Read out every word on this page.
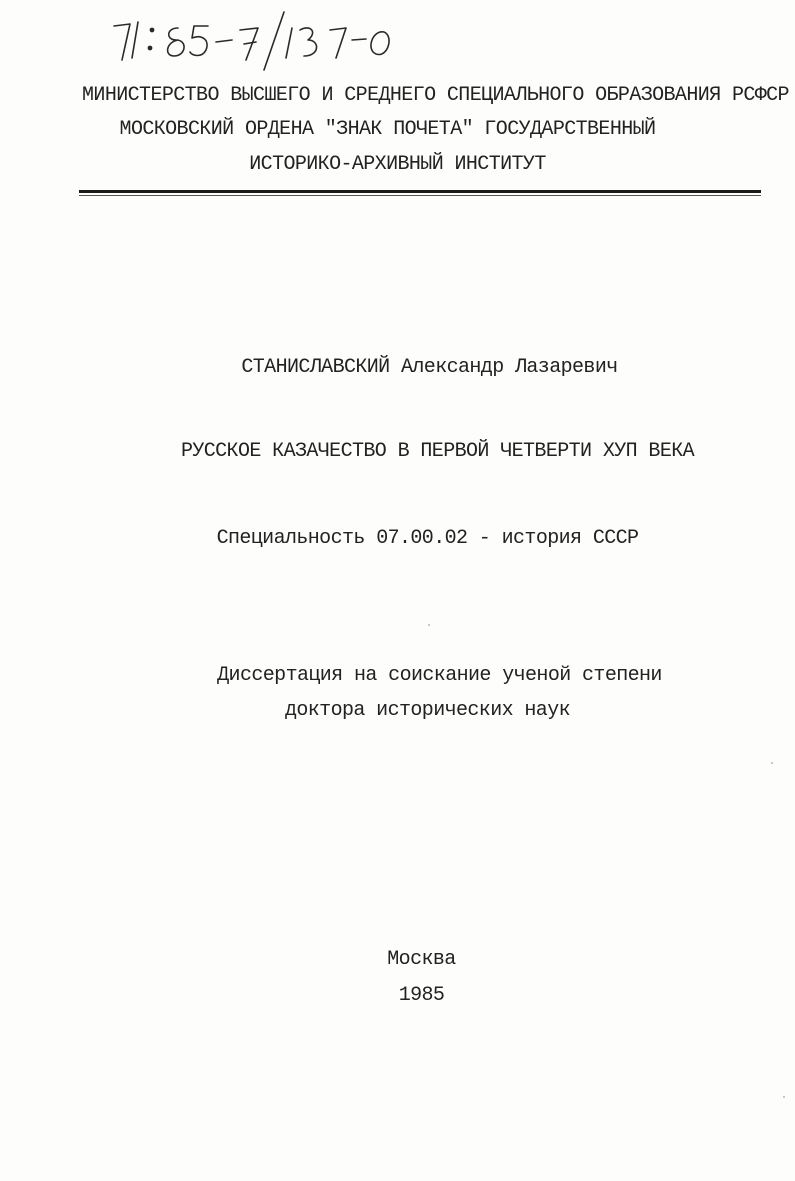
МИНИСТЕРСТВО ВЫСШЕГО И СРЕДНЕГО СПЕЦИАЛЬНОГО ОБРАЗОВАНИЯ РСФСР
МОСКОВСКИЙ ОРДЕНА "ЗНАК ПОЧЕТА" ГОСУДАРСТВЕННЫЙ
ИСТОРИКО-АРХИВНЫЙ ИНСТИТУТ
СТАНИСЛАВСКИЙ Александр Лазаревич
РУССКОЕ КАЗАЧЕСТВО В ПЕРВОЙ ЧЕТВЕРТИ ХУП ВЕКА
Специальность 07.00.02 - история СССР
Диссертация на соискание ученой степени
доктора исторических наук
Москва
1985
